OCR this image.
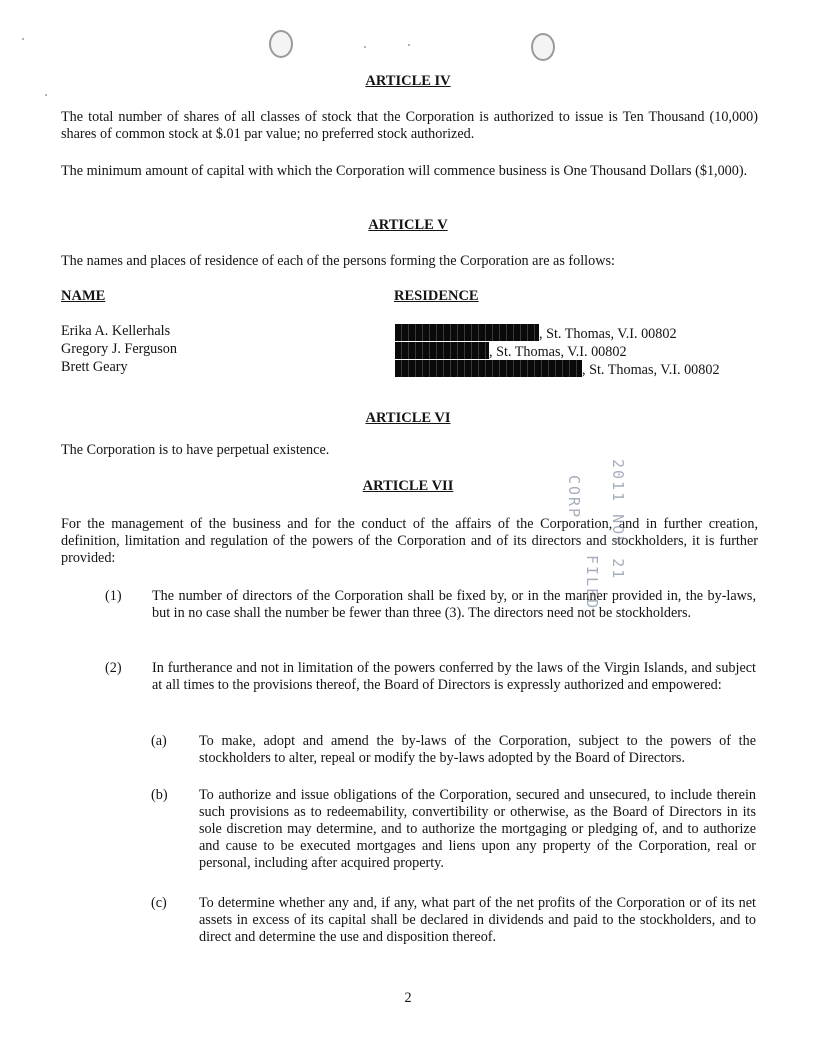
ARTICLE IV
The total number of shares of all classes of stock that the Corporation is authorized to issue is Ten Thousand (10,000) shares of common stock at $.01 par value; no preferred stock authorized.
The minimum amount of capital with which the Corporation will commence business is One Thousand Dollars ($1,000).
ARTICLE V
The names and places of residence of each of the persons forming the Corporation are as follows:
NAME	RESIDENCE
Erika A. Kellerhals
Gregory J. Ferguson
Brett Geary
, St. Thomas, V.I. 00802
, St. Thomas, V.I. 00802
, St. Thomas, V.I. 00802
ARTICLE VI
The Corporation is to have perpetual existence.
ARTICLE VII
For the management of the business and for the conduct of the affairs of the Corporation, and in further creation, definition, limitation and regulation of the powers of the Corporation and of its directors and stockholders, it is further provided:
(1) The number of directors of the Corporation shall be fixed by, or in the manner provided in, the by-laws, but in no case shall the number be fewer than three (3). The directors need not be stockholders.
(2) In furtherance and not in limitation of the powers conferred by the laws of the Virgin Islands, and subject at all times to the provisions thereof, the Board of Directors is expressly authorized and empowered:
(a) To make, adopt and amend the by-laws of the Corporation, subject to the powers of the stockholders to alter, repeal or modify the by-laws adopted by the Board of Directors.
(b) To authorize and issue obligations of the Corporation, secured and unsecured, to include therein such provisions as to redeemability, convertibility or otherwise, as the Board of Directors in its sole discretion may determine, and to authorize the mortgaging or pledging of, and to authorize and cause to be executed mortgages and liens upon any property of the Corporation, real or personal, including after acquired property.
(c) To determine whether any and, if any, what part of the net profits of the Corporation or of its net assets in excess of its capital shall be declared in dividends and paid to the stockholders, and to direct and determine the use and disposition thereof.
2011 NOV 21
CORP
FILED
2
